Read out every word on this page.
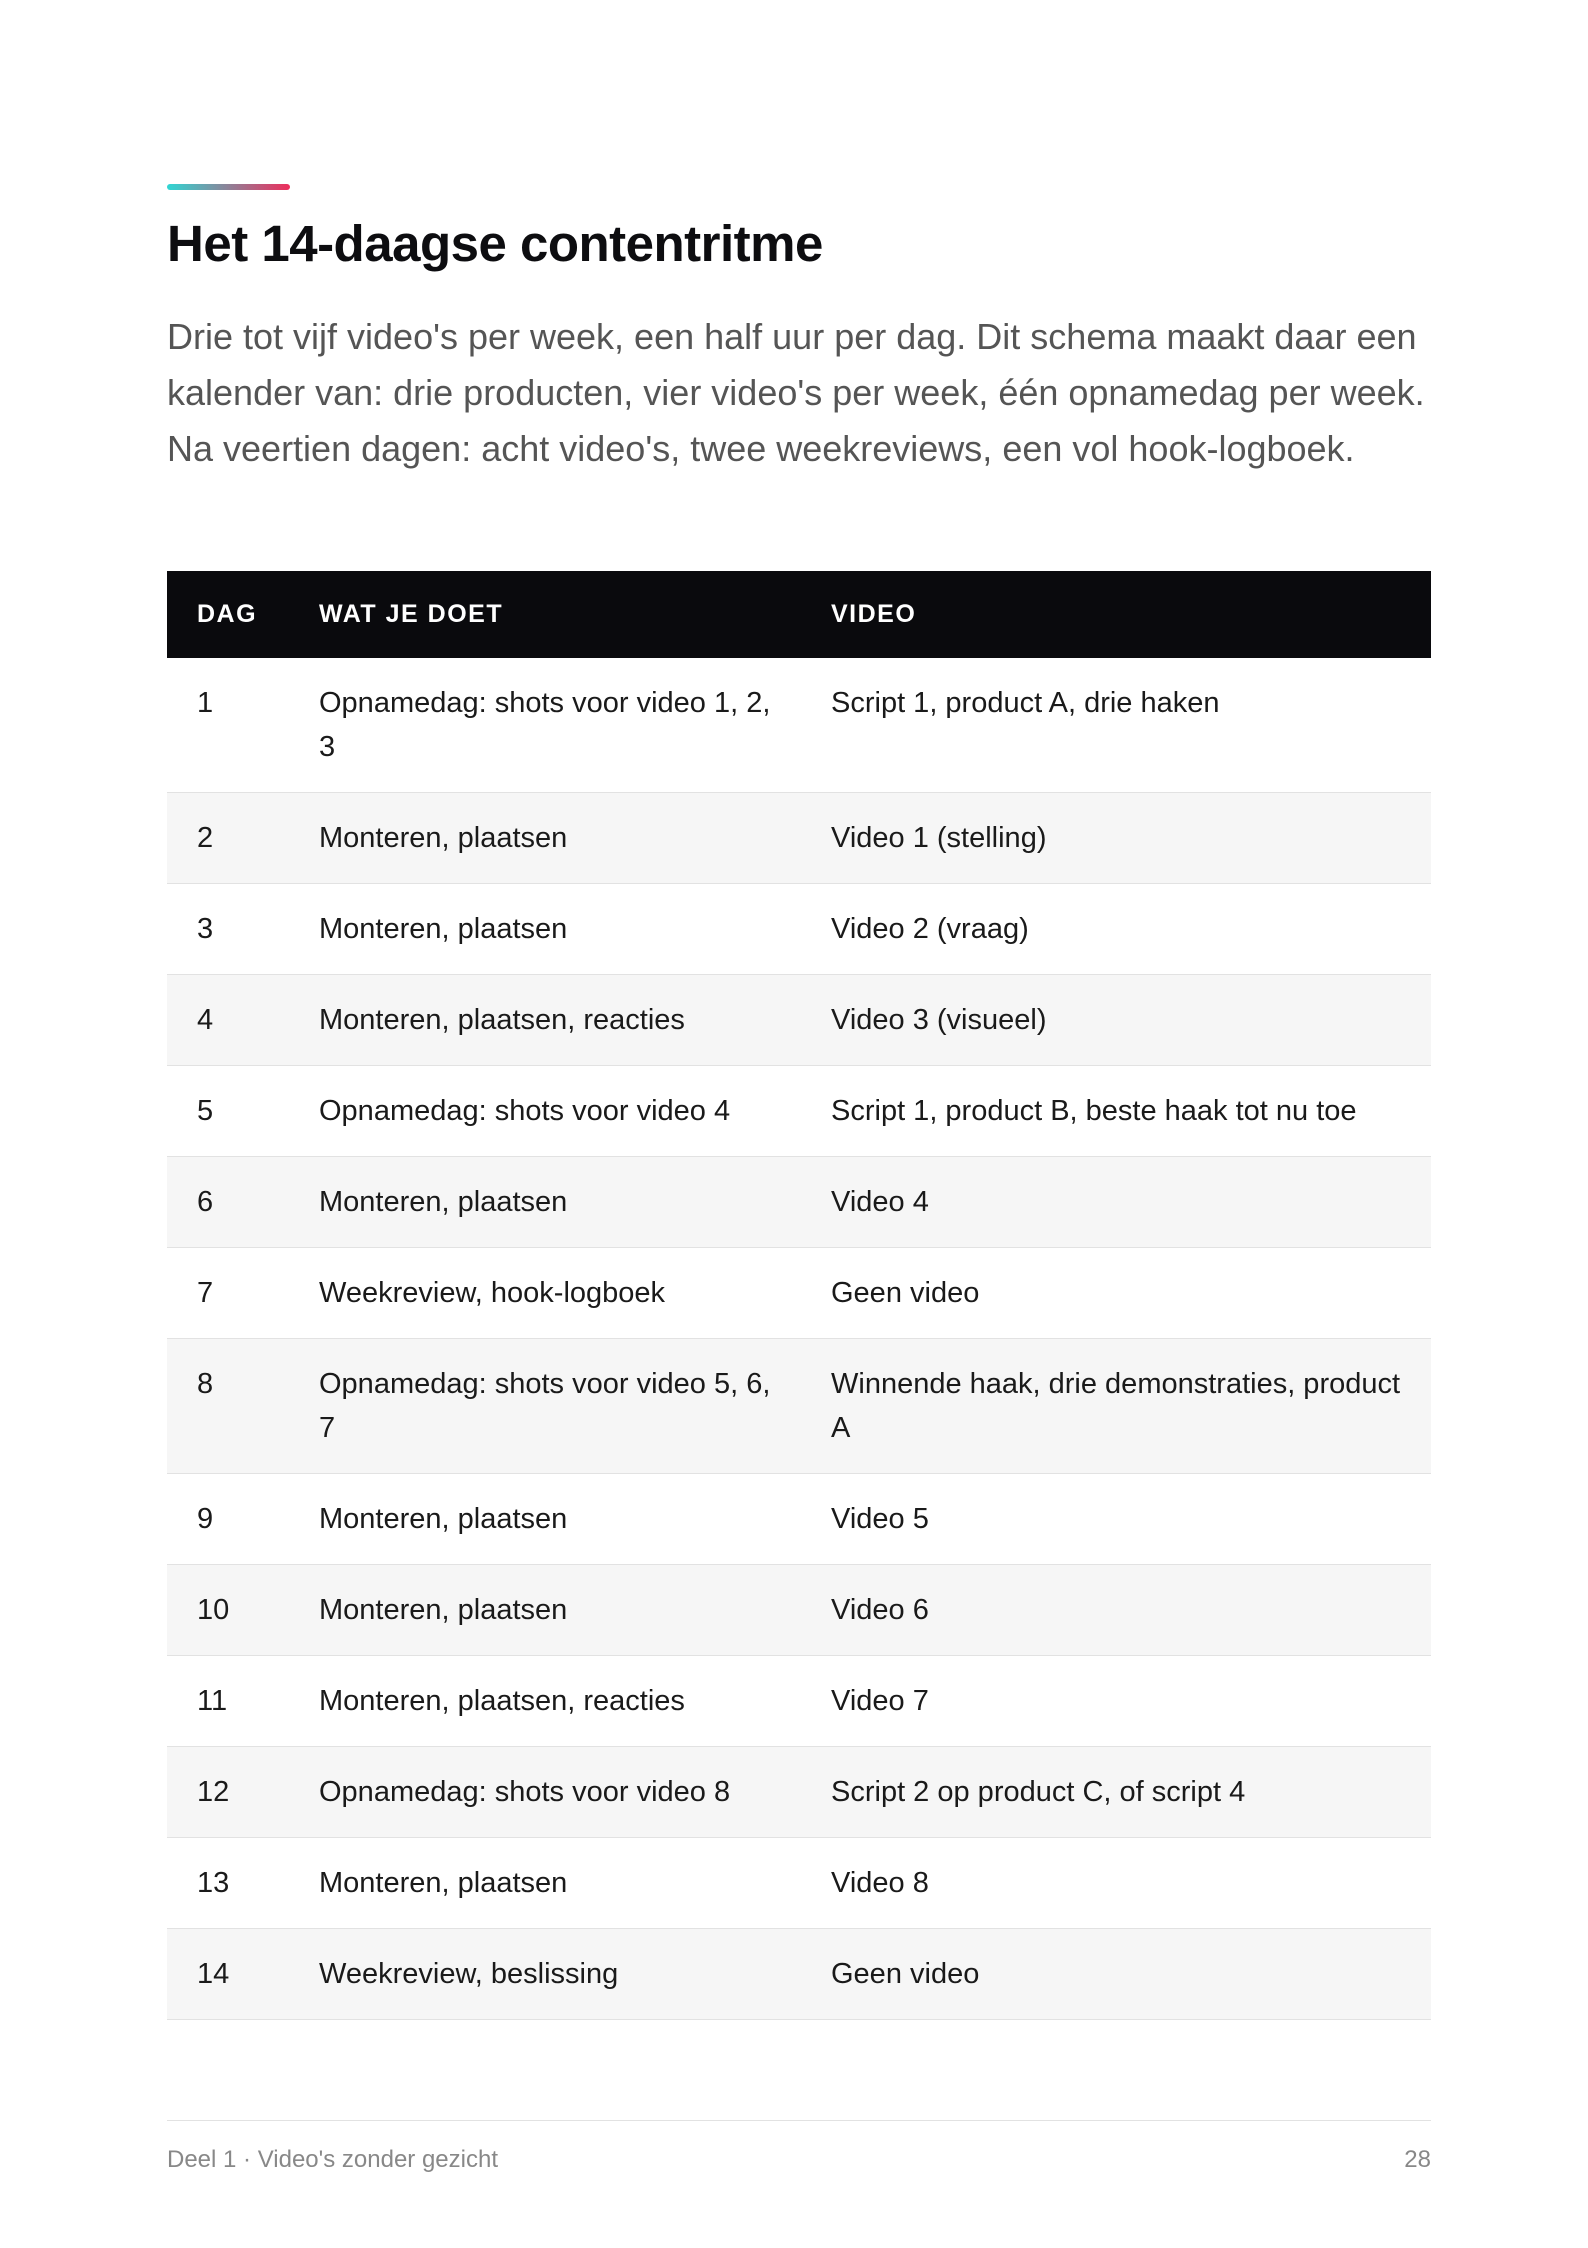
Het 14-daagse contentritme

Drie tot vijf video's per week, een half uur per dag. Dit schema maakt daar een kalender van: drie producten, vier video's per week, één opnamedag per week. Na veertien dagen: acht video's, twee weekreviews, een vol hook-logboek.

DAG	WAT JE DOET	VIDEO
1	Opnamedag: shots voor video 1, 2, 3	Script 1, product A, drie haken
2	Monteren, plaatsen	Video 1 (stelling)
3	Monteren, plaatsen	Video 2 (vraag)
4	Monteren, plaatsen, reacties	Video 3 (visueel)
5	Opnamedag: shots voor video 4	Script 1, product B, beste haak tot nu toe
6	Monteren, plaatsen	Video 4
7	Weekreview, hook-logboek	Geen video
8	Opnamedag: shots voor video 5, 6, 7	Winnende haak, drie demonstraties, product A
9	Monteren, plaatsen	Video 5
10	Monteren, plaatsen	Video 6
11	Monteren, plaatsen, reacties	Video 7
12	Opnamedag: shots voor video 8	Script 2 op product C, of script 4
13	Monteren, plaatsen	Video 8
14	Weekreview, beslissing	Geen video
Deel 1 · Video's zonder gezicht	28
